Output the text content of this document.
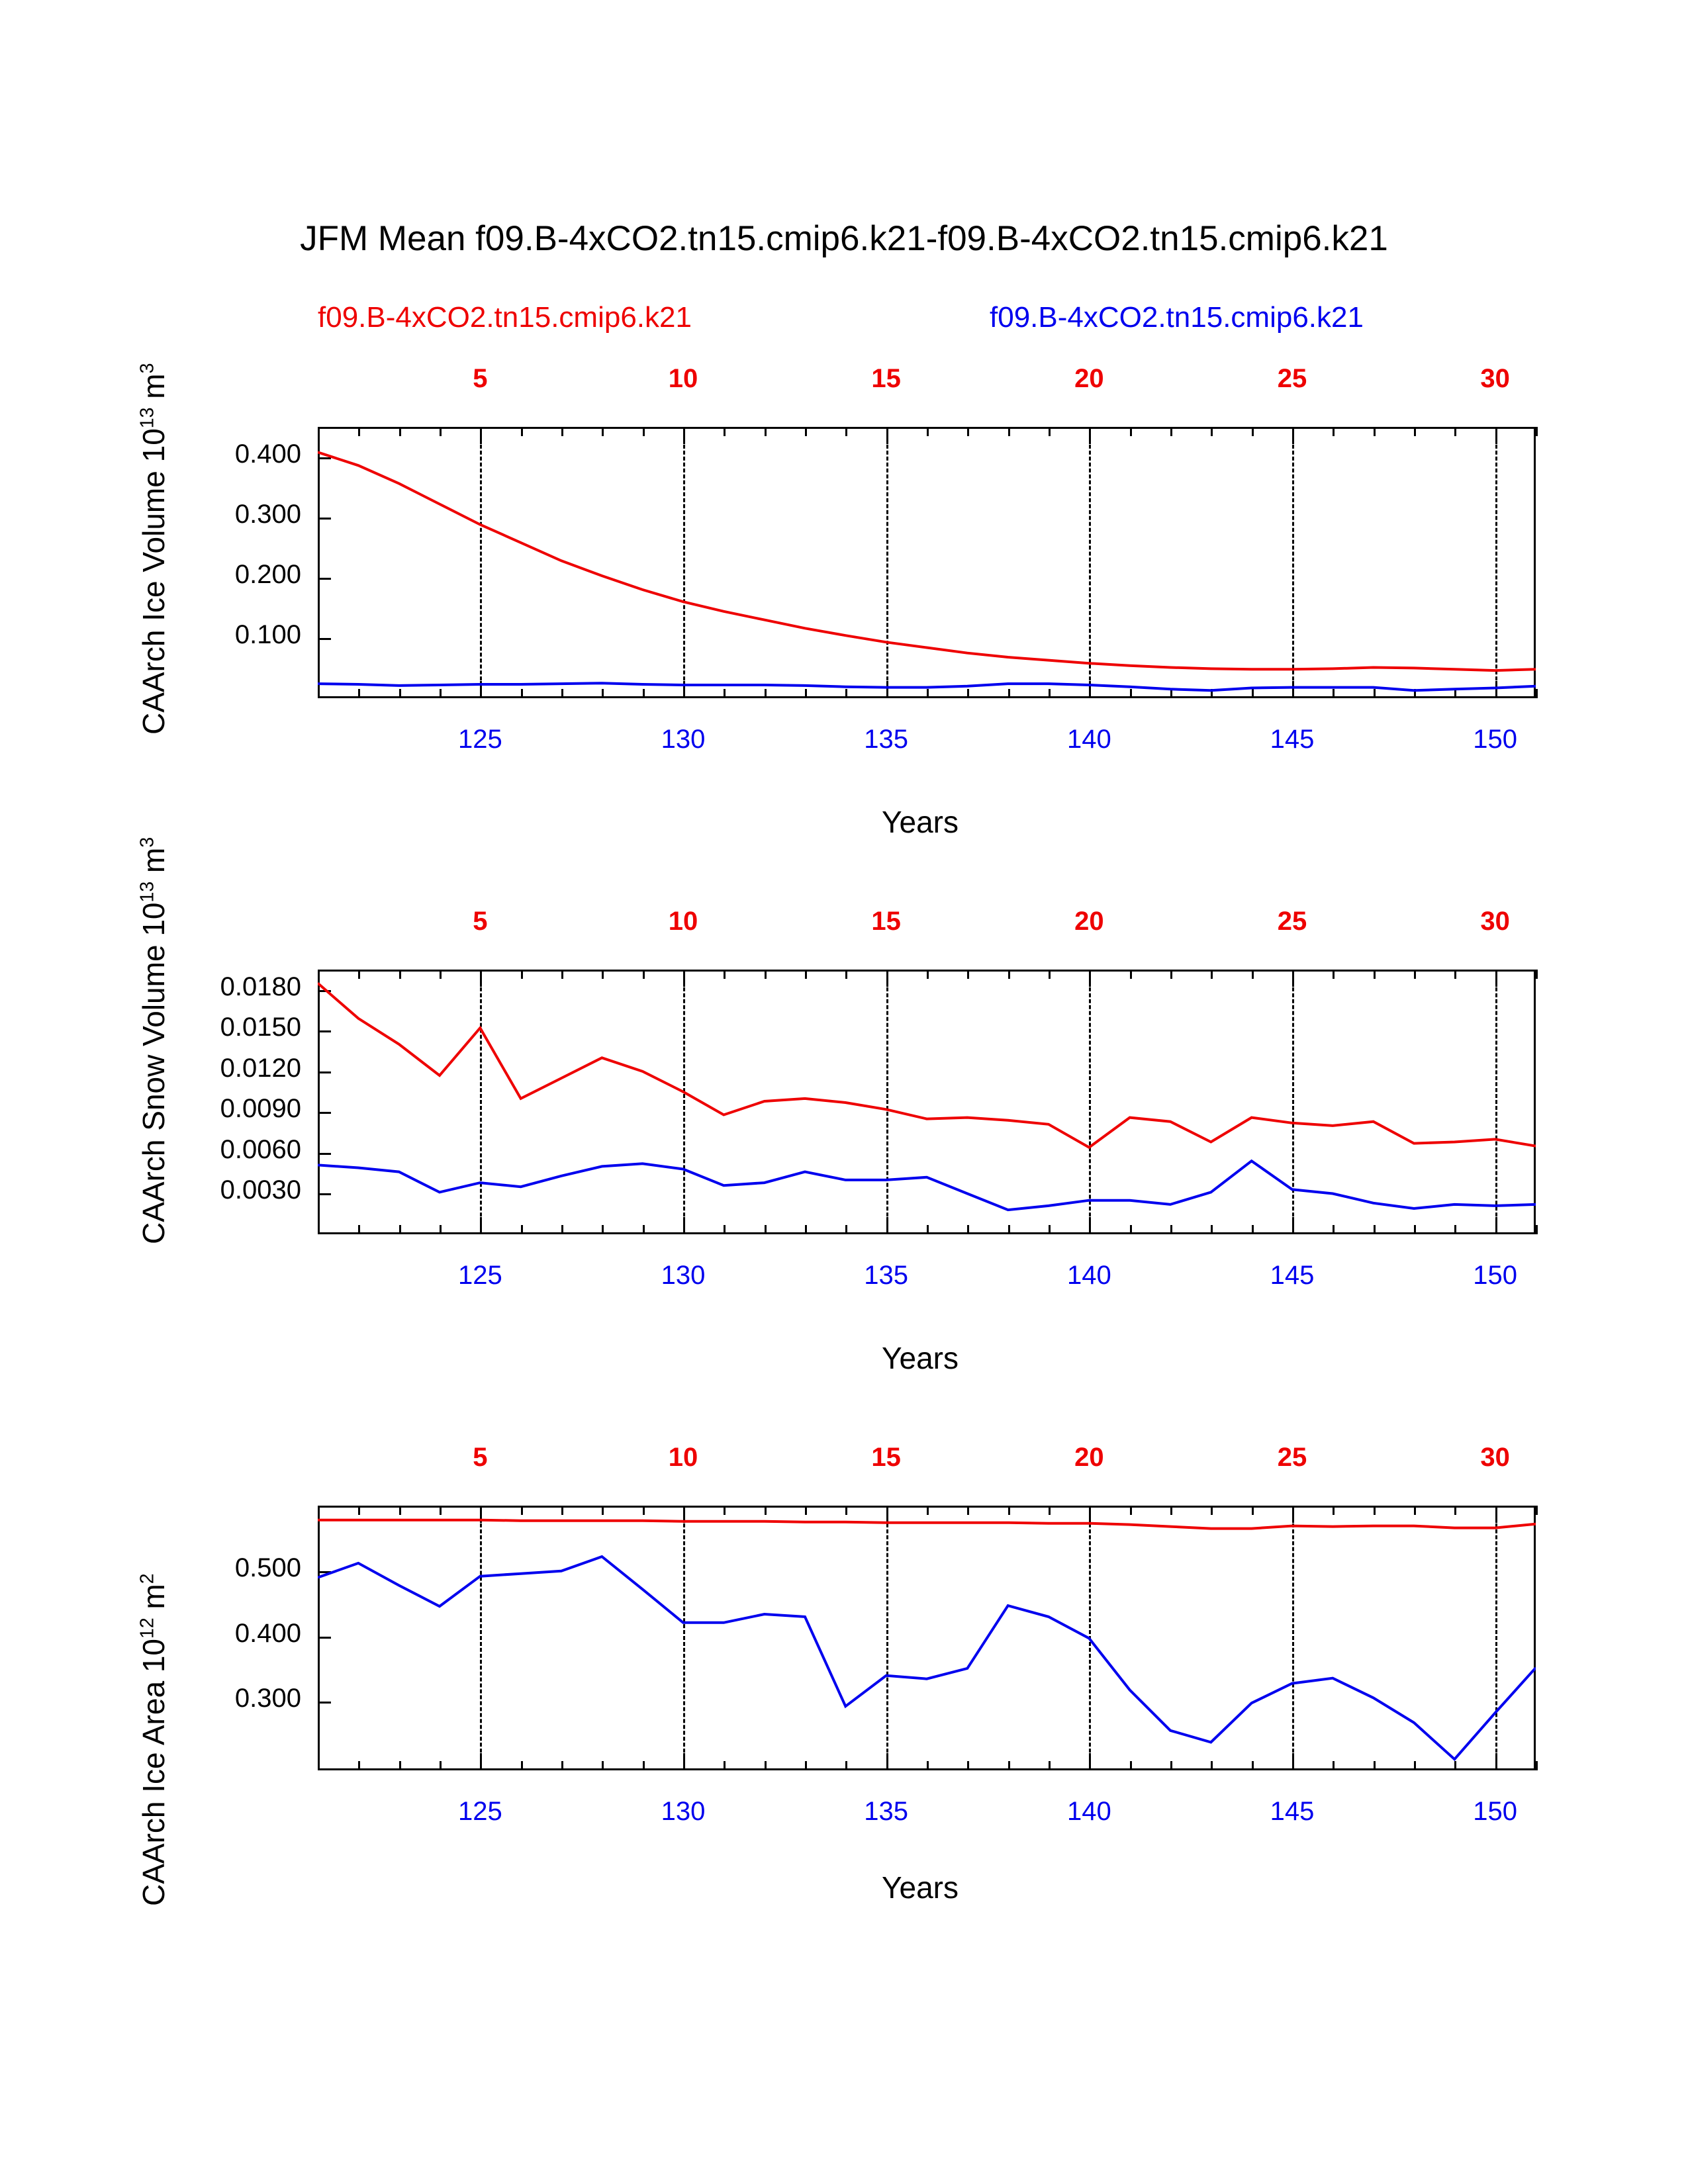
JFM Mean f09.B-4xCO2.tn15.cmip6.k21-f09.B-4xCO2.tn15.cmip6.k21
f09.B-4xCO2.tn15.cmip6.k21	f09.B-4xCO2.tn15.cmip6.k21
CAArch Ice Volume $10^{13}$ $m^3$
CAArch Snow Volume $10^{13}$ $m^3$
CAArch Ice Area $10^{12}$ $m^2$
Years
Years
Years
0.400
0.300
0.200
0.100
5	10	15	20	25	30
125	130	135	140	145	150
0.0180
0.0150
0.0120
0.0090
0.0060
0.0030
5	10	15	20	25	30
125	130	135	140	145	150
0.500
0.400
0.300
5	10	15	20	25	30
125	130	135	140	145	150
